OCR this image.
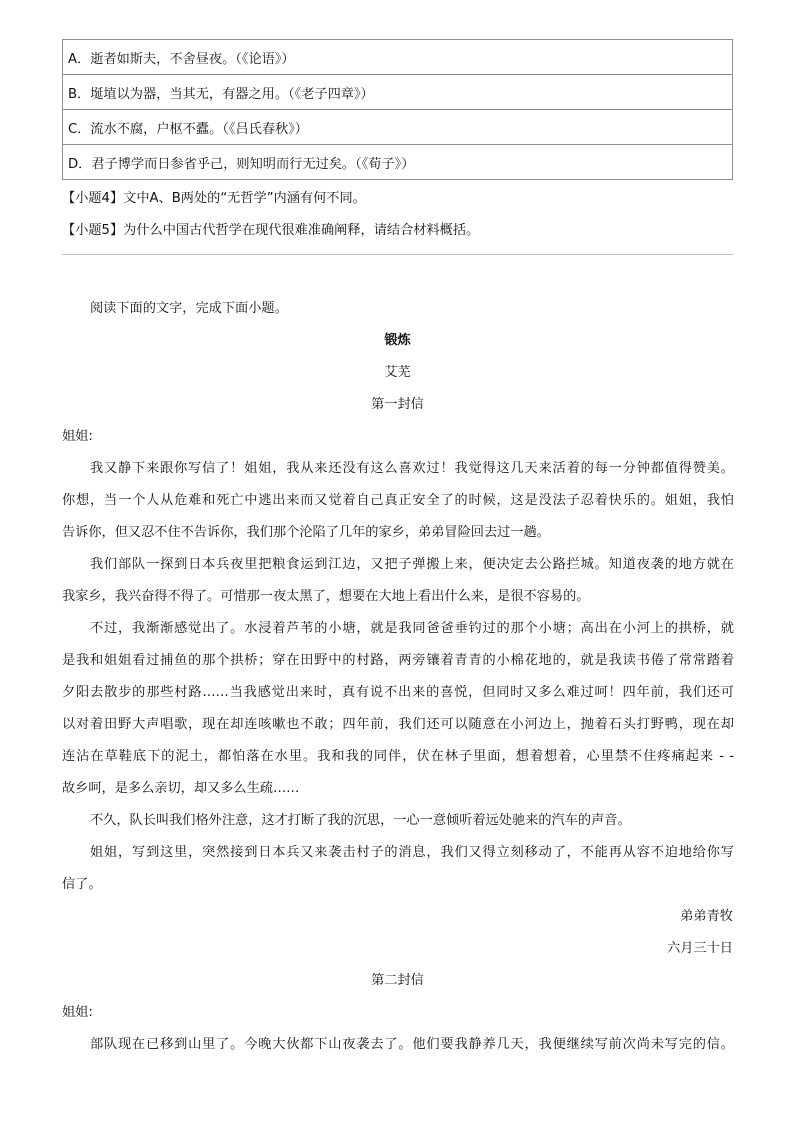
A．逝者如斯夫，不舍昼夜。（《论语》）
B．埏埴以为器，当其无，有器之用。（《老子四章》）
C．流水不腐，户枢不蠹。（《吕氏春秋》）
D．君子博学而日参省乎己，则知明而行无过矣。（《荀子》）
【小题4】文中A、B两处的“无哲学”内涵有何不同。
【小题5】为什么中国古代哲学在现代很难准确阐释，请结合材料概括。
阅读下面的文字，完成下面小题。
锻炼
艾芜
第一封信
姐姐:
我又静下来跟你写信了！姐姐，我从来还没有这么喜欢过！我觉得这几天来活着的每一分钟都值得赞美。
你想，当一个人从危难和死亡中逃出来而又觉着自己真正安全了的时候，这是没法子忍着快乐的。姐姐，我怕
告诉你，但又忍不住不告诉你，我们那个沦陷了几年的家乡，弟弟冒险回去过一趟。
我们部队一探到日本兵夜里把粮食运到江边，又把子弹搬上来，便决定去公路拦城。知道夜袭的地方就在
我家乡，我兴奋得不得了。可惜那一夜太黑了，想要在大地上看出什么来，是很不容易的。
不过，我渐渐感觉出了。水浸着芦苇的小塘，就是我同爸爸垂钓过的那个小塘；高出在小河上的拱桥，就
是我和姐姐看过捕鱼的那个拱桥；穿在田野中的村路，两旁镶着青青的小棉花地的，就是我读书倦了常常踏着
夕阳去散步的那些村路……当我感觉出来时，真有说不出来的喜悦，但同时又多么难过呵！四年前，我们还可
以对着田野大声唱歌，现在却连咳嗽也不敢；四年前，我们还可以随意在小河边上，抛着石头打野鸭，现在却
连沾在草鞋底下的泥土，都怕落在水里。我和我的同伴，伏在林子里面，想着想着，心里禁不住疼痛起来 - -
故乡呵，是多么亲切，却又多么生疏……
不久，队长叫我们格外注意，这才打断了我的沉思，一心一意倾听着远处驰来的汽车的声音。
姐姐，写到这里，突然接到日本兵又来袭击村子的消息，我们又得立刻移动了，不能再从容不迫地给你写
信了。
弟弟青牧
六月三十日
第二封信
姐姐:
部队现在已移到山里了。今晚大伙都下山夜袭去了。他们要我静养几天，我便继续写前次尚未写完的信。
